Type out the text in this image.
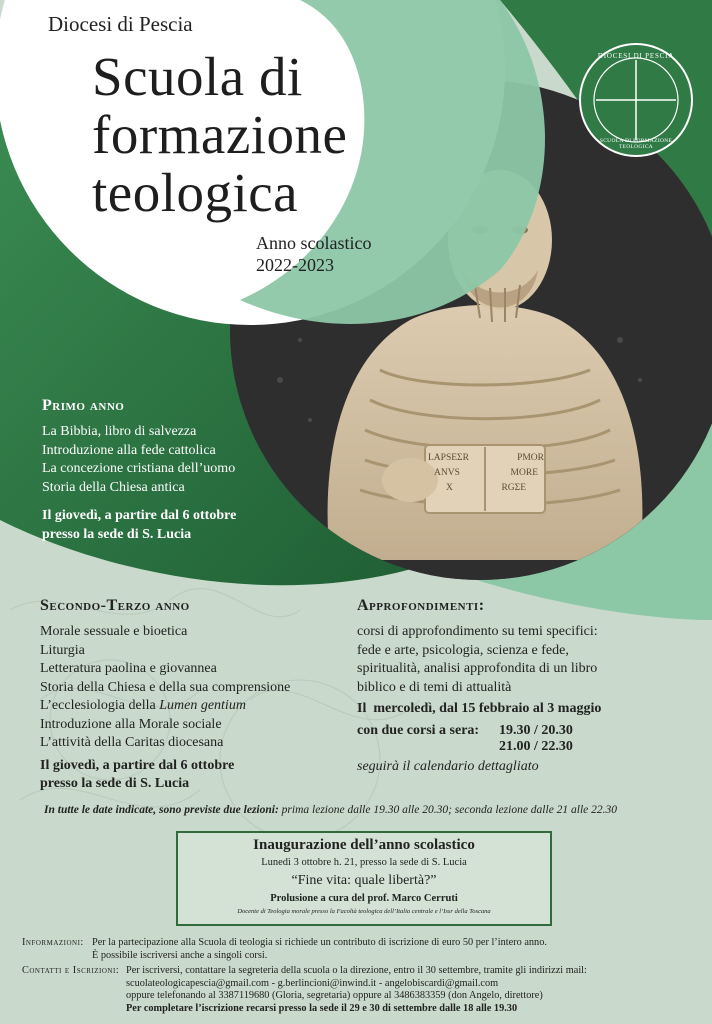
Diocesi di Pescia
Scuola di
formazione
teologica
Anno scolastico
2022-2023
DIOCESI DI PESCIA
SCUOLA DI FORMAZIONE TEOLOGICA
LAPSEΣR	PMOR
ANVS	MORE
X	RGΣE
Primo anno
La Bibbia, libro di salvezza
Introduzione alla fede cattolica
La concezione cristiana dell’uomo
Storia della Chiesa antica
Il giovedì, a partire dal 6 ottobre
presso la sede di S. Lucia
Secondo-Terzo anno
Morale sessuale e bioetica
Liturgia
Letteratura paolina e giovannea
Storia della Chiesa e della sua comprensione
L’ecclesiologia della Lumen gentium
Introduzione alla Morale sociale
L’attività della Caritas diocesana
Il giovedì, a partire dal 6 ottobre
presso la sede di S. Lucia
Approfondimenti:
corsi di approfondimento su temi specifici:
fede e arte, psicologia, scienza e fede,
spiritualità, analisi approfondita di un libro
biblico e di temi di attualità
Il  mercoledì, dal 15 febbraio al 3 maggio
con due corsi a sera:	19.30 / 20.30
21.00 / 22.30
seguirà il calendario dettagliato
In tutte le date indicate, sono previste due lezioni: prima lezione dalle 19.30 alle 20.30; seconda lezione dalle 21 alle 22.30
Inaugurazione dell’anno scolastico
Lunedì 3 ottobre h. 21, presso la sede di S. Lucia
“Fine vita: quale libertà?”
Prolusione a cura del prof. Marco Cerruti
Docente di Teologia morale presso la Facoltà teologica dell’Italia centrale e l’Issr della Toscana
Informazioni: Per la partecipazione alla Scuola di teologia si richiede un contributo di iscrizione di euro 50 per l’intero anno.
È possibile iscriversi anche a singoli corsi.
Contatti e Iscrizioni: Per iscriversi, contattare la segreteria della scuola o la direzione, entro il 30 settembre, tramite gli indirizzi mail:
scuolateologicapescia@gmail.com - g.berlincioni@inwind.it - angelobiscardi@gmail.com
oppure telefonando al 3387119680 (Gloria, segretaria) oppure al 3486383359 (don Angelo, direttore)
Per completare l’iscrizione recarsi presso la sede il 29 e 30 di settembre dalle 18 alle 19.30
